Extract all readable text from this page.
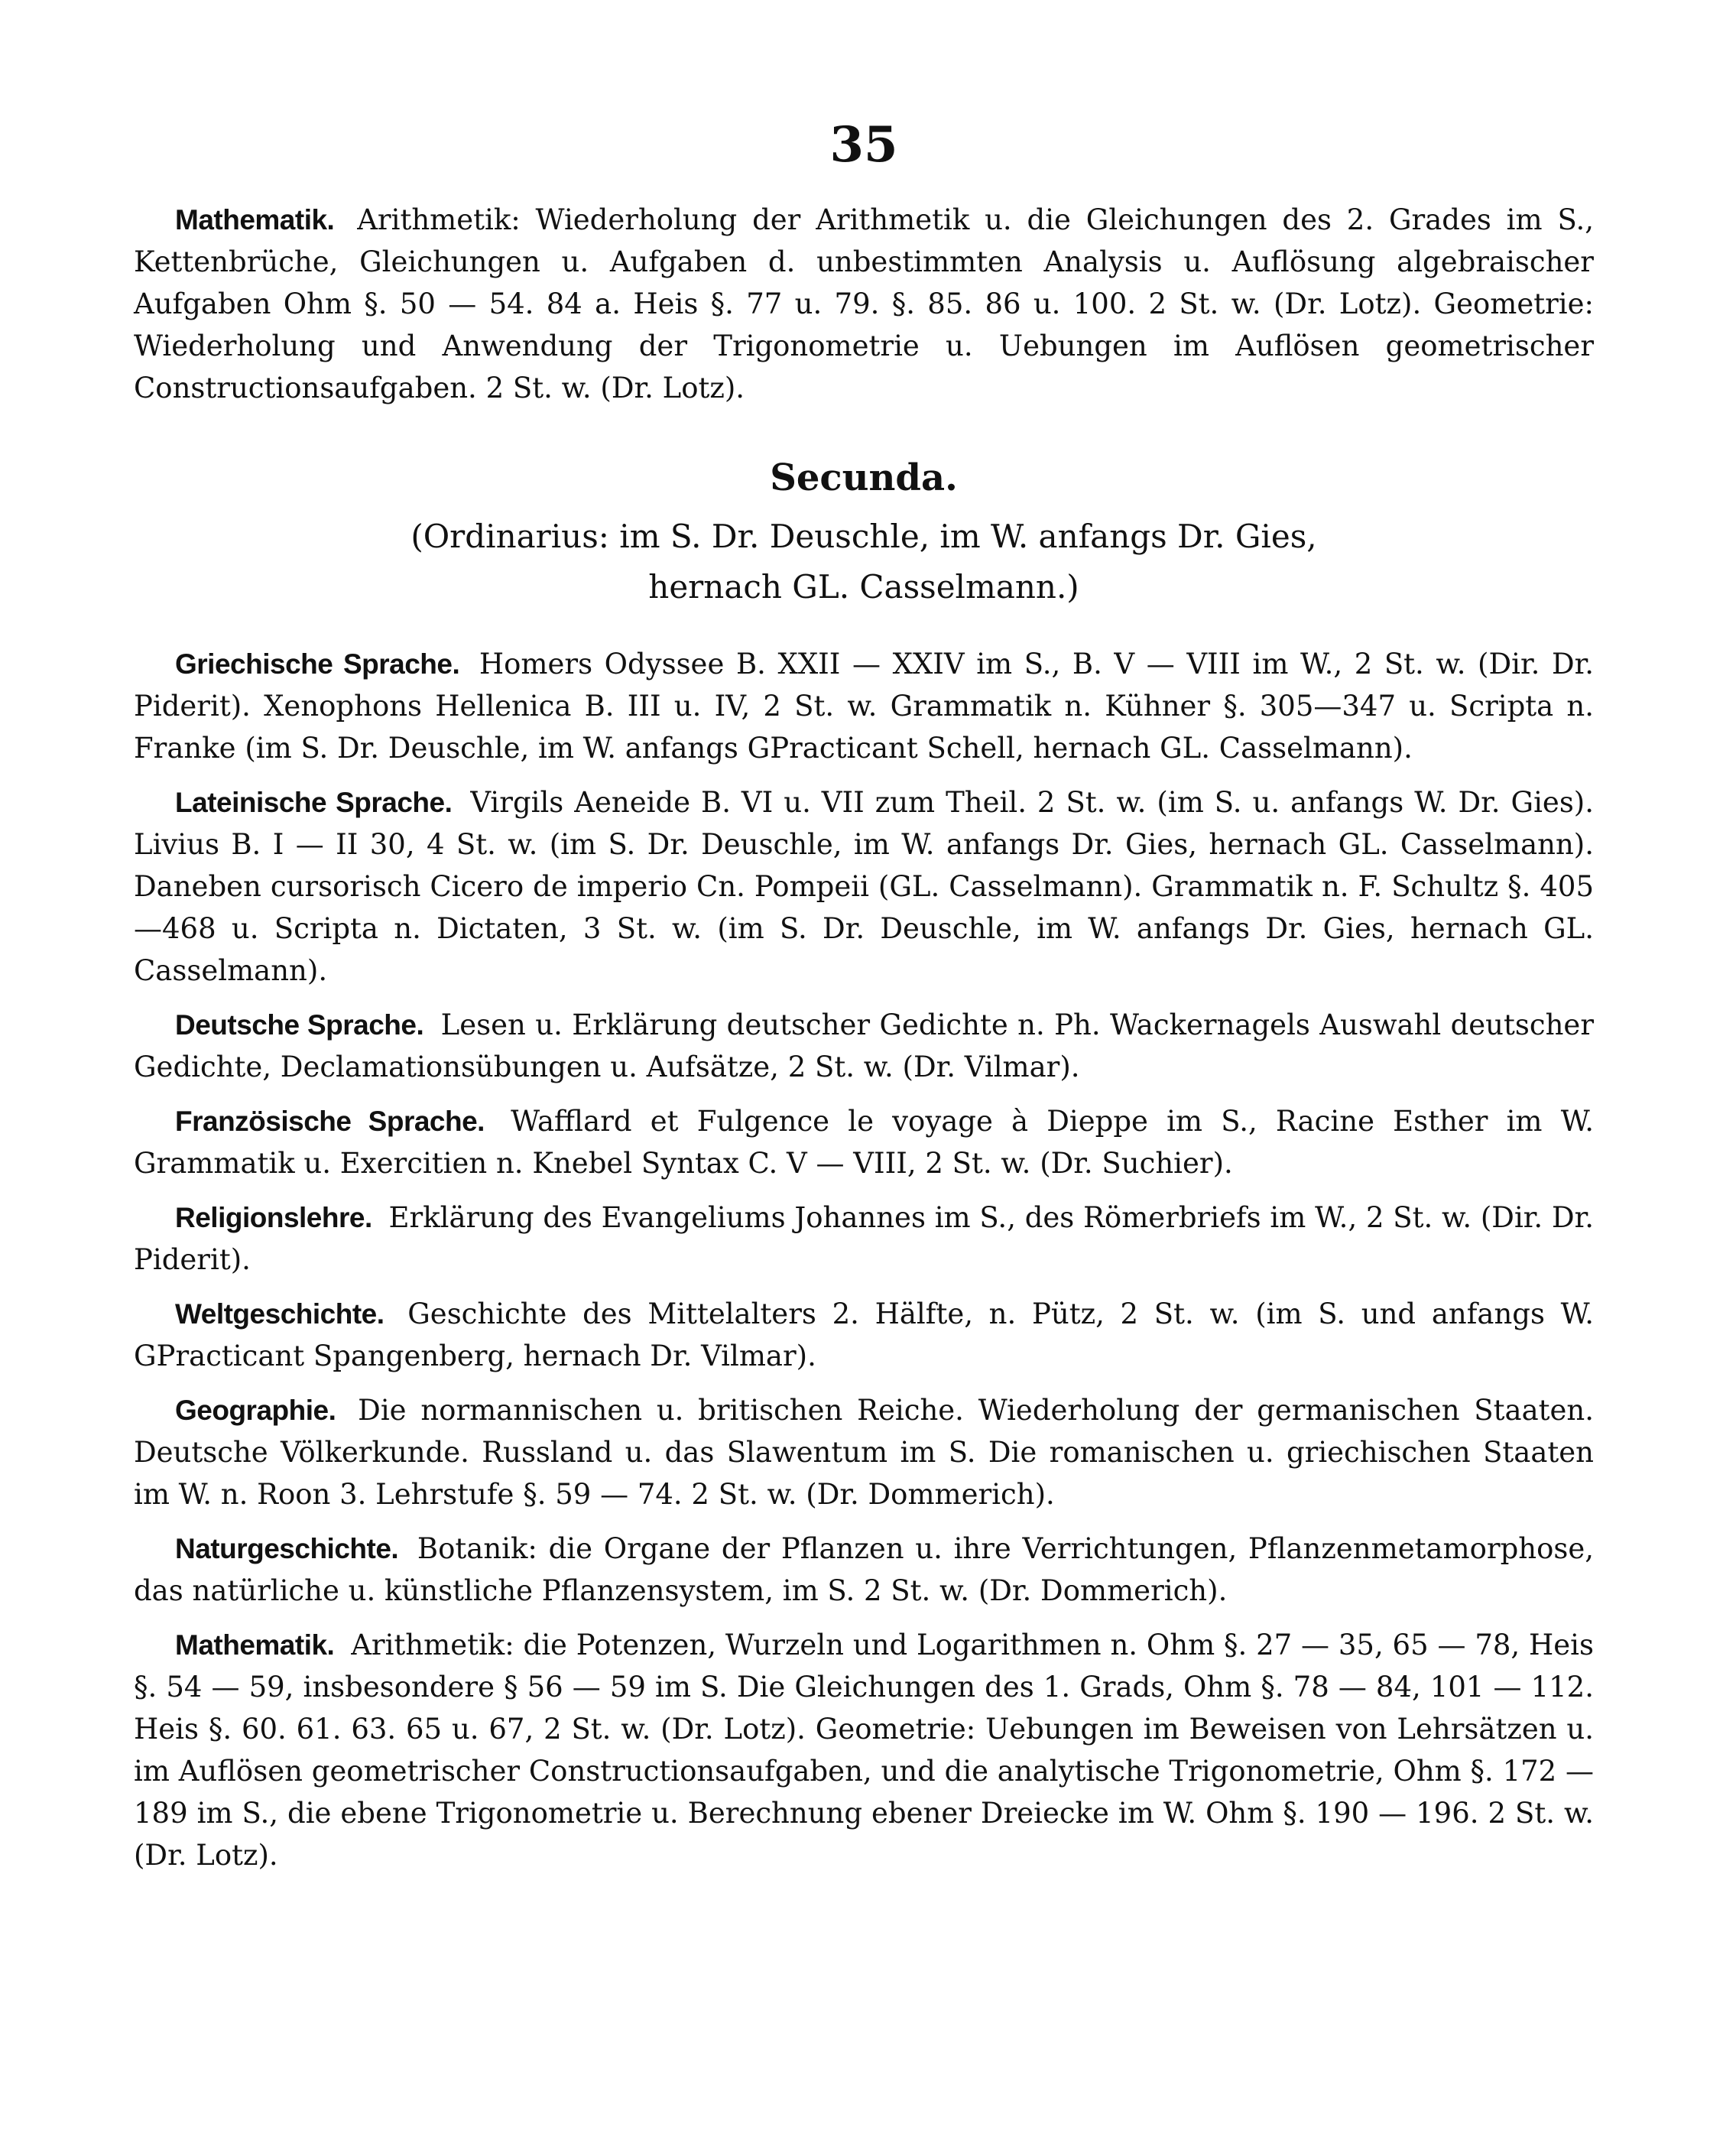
35

Mathematik. Arithmetik: Wiederholung der Arithmetik u. die Gleichungen des 2. Grades im S., Kettenbrüche, Gleichungen u. Aufgaben d. unbestimmten Analysis u. Auflösung algebraischer Aufgaben Ohm §. 50 — 54. 84 a. Heis §. 77 u. 79. §. 85. 86 u. 100. 2 St. w. (Dr. Lotz). Geometrie: Wiederholung und Anwendung der Trigonometrie u. Uebungen im Auflösen geometrischer Constructionsaufgaben. 2 St. w. (Dr. Lotz).

Secunda.
(Ordinarius: im S. Dr. Deuschle, im W. anfangs Dr. Gies,
hernach GL. Casselmann.)

Griechische Sprache. Homers Odyssee B. XXII — XXIV im S., B. V — VIII im W., 2 St. w. (Dir. Dr. Piderit). Xenophons Hellenica B. III u. IV, 2 St. w. Grammatik n. Kühner §. 305—347 u. Scripta n. Franke (im S. Dr. Deuschle, im W. anfangs GPracticant Schell, hernach GL. Casselmann).

Lateinische Sprache. Virgils Aeneide B. VI u. VII zum Theil. 2 St. w. (im S. u. anfangs W. Dr. Gies). Livius B. I — II 30, 4 St. w. (im S. Dr. Deuschle, im W. anfangs Dr. Gies, hernach GL. Casselmann). Daneben cursorisch Cicero de imperio Cn. Pompeii (GL. Casselmann). Grammatik n. F. Schultz §. 405—468 u. Scripta n. Dictaten, 3 St. w. (im S. Dr. Deuschle, im W. anfangs Dr. Gies, hernach GL. Casselmann).

Deutsche Sprache. Lesen u. Erklärung deutscher Gedichte n. Ph. Wackernagels Auswahl deutscher Gedichte, Declamationsübungen u. Aufsätze, 2 St. w. (Dr. Vilmar).

Französische Sprache. Wafflard et Fulgence le voyage à Dieppe im S., Racine Esther im W. Grammatik u. Exercitien n. Knebel Syntax C. V — VIII, 2 St. w. (Dr. Suchier).

Religionslehre. Erklärung des Evangeliums Johannes im S., des Römerbriefs im W., 2 St. w. (Dir. Dr. Piderit).

Weltgeschichte. Geschichte des Mittelalters 2. Hälfte, n. Pütz, 2 St. w. (im S. und anfangs W. GPracticant Spangenberg, hernach Dr. Vilmar).

Geographie. Die normannischen u. britischen Reiche. Wiederholung der germanischen Staaten. Deutsche Völkerkunde. Russland u. das Slawentum im S. Die romanischen u. griechischen Staaten im W. n. Roon 3. Lehrstufe §. 59 — 74. 2 St. w. (Dr. Dommerich).

Naturgeschichte. Botanik: die Organe der Pflanzen u. ihre Verrichtungen, Pflanzenmetamorphose, das natürliche u. künstliche Pflanzensystem, im S. 2 St. w. (Dr. Dommerich).

Mathematik. Arithmetik: die Potenzen, Wurzeln und Logarithmen n. Ohm §. 27 — 35, 65 — 78, Heis §. 54 — 59, insbesondere § 56 — 59 im S. Die Gleichungen des 1. Grads, Ohm §. 78 — 84, 101 — 112. Heis §. 60. 61. 63. 65 u. 67, 2 St. w. (Dr. Lotz). Geometrie: Uebungen im Beweisen von Lehrsätzen u. im Auflösen geometrischer Constructionsaufgaben, und die analytische Trigonometrie, Ohm §. 172 — 189 im S., die ebene Trigonometrie u. Berechnung ebener Dreiecke im W. Ohm §. 190 — 196. 2 St. w. (Dr. Lotz).
